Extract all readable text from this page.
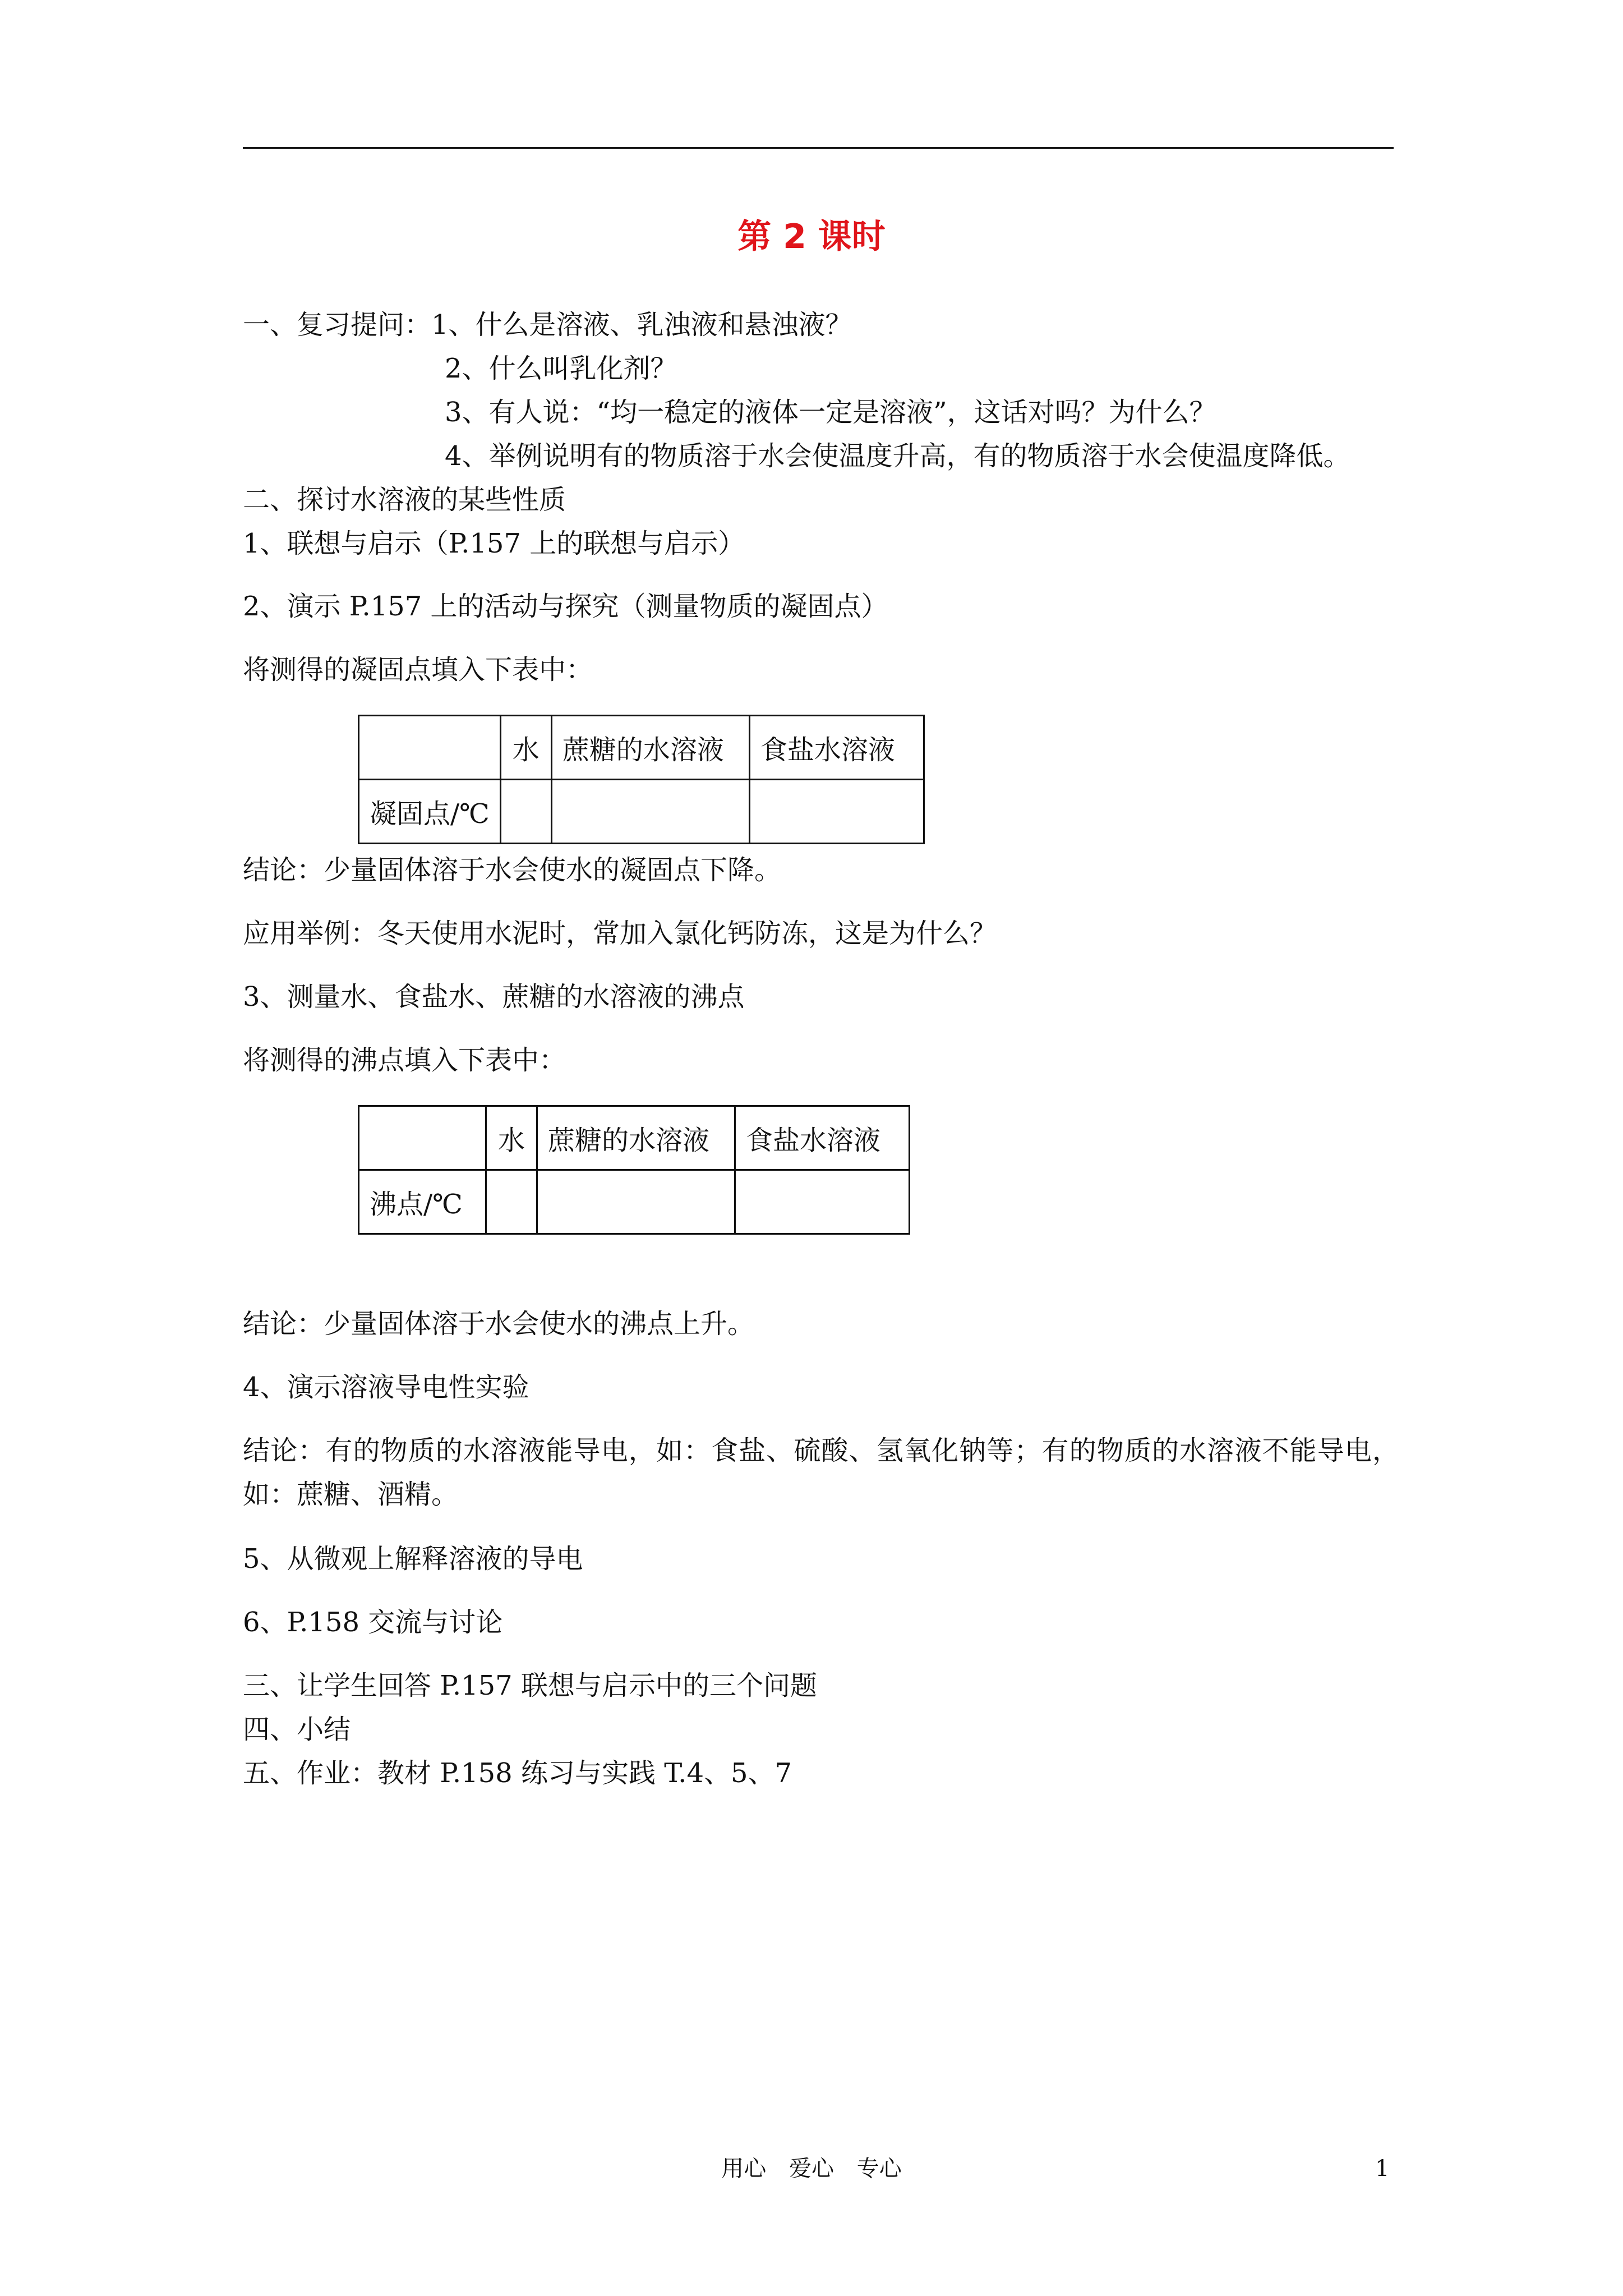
第 2 课时
一、复习提问：1、什么是溶液、乳浊液和悬浊液？
2、什么叫乳化剂？
3、有人说：“均一稳定的液体一定是溶液”，这话对吗？为什么？
4、举例说明有的物质溶于水会使温度升高，有的物质溶于水会使温度降低。
二、探讨水溶液的某些性质
1、联想与启示（P.157 上的联想与启示）
2、演示 P.157 上的活动与探究（测量物质的凝固点）
将测得的凝固点填入下表中：
	水	蔗糖的水溶液	食盐水溶液
凝固点/℃			
结论：少量固体溶于水会使水的凝固点下降。
应用举例：冬天使用水泥时，常加入氯化钙防冻，这是为什么？
3、测量水、食盐水、蔗糖的水溶液的沸点
将测得的沸点填入下表中：
	水	蔗糖的水溶液	食盐水溶液
沸点/℃			
结论：少量固体溶于水会使水的沸点上升。
4、演示溶液导电性实验
结论：有的物质的水溶液能导电，如：食盐、硫酸、氢氧化钠等；有的物质的水溶液不能导电，如：蔗糖、酒精。
5、从微观上解释溶液的导电
6、P.158 交流与讨论
三、让学生回答 P.157 联想与启示中的三个问题
四、小结
五、作业：教材 P.158 练习与实践 T.4、5、7
用心 爱心 专心	1
